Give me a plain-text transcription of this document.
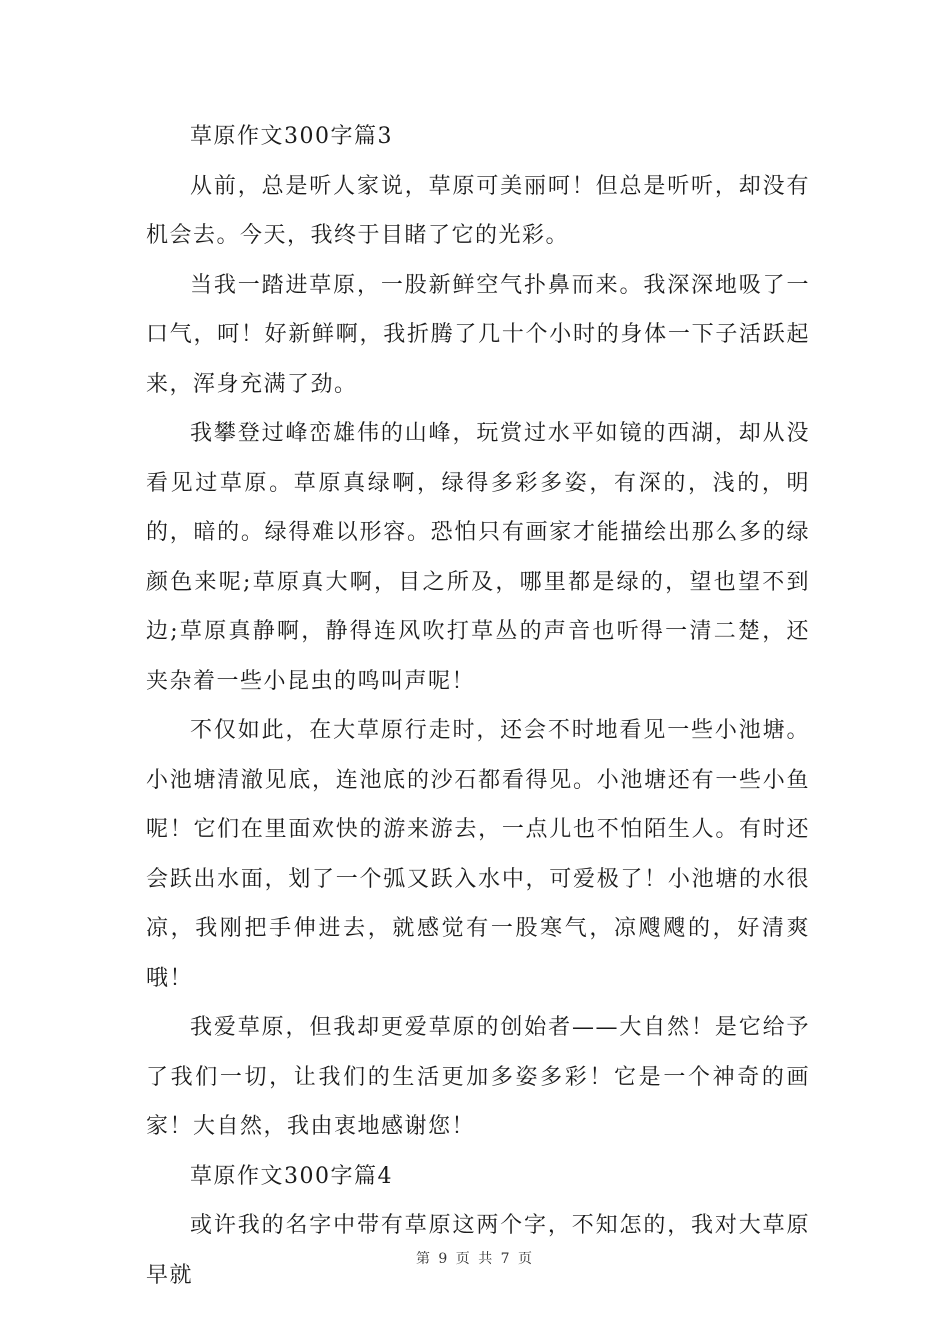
草原作文300字篇3

从前，总是听人家说，草原可美丽呵！但总是听听，却没有机会去。今天，我终于目睹了它的光彩。

当我一踏进草原，一股新鲜空气扑鼻而来。我深深地吸了一口气，呵！好新鲜啊，我折腾了几十个小时的身体一下子活跃起来，浑身充满了劲。

我攀登过峰峦雄伟的山峰，玩赏过水平如镜的西湖，却从没看见过草原。草原真绿啊，绿得多彩多姿，有深的，浅的，明的，暗的。绿得难以形容。恐怕只有画家才能描绘出那么多的绿颜色来呢;草原真大啊，目之所及，哪里都是绿的，望也望不到边;草原真静啊，静得连风吹打草丛的声音也听得一清二楚，还夹杂着一些小昆虫的鸣叫声呢！

不仅如此，在大草原行走时，还会不时地看见一些小池塘。小池塘清澈见底，连池底的沙石都看得见。小池塘还有一些小鱼呢！它们在里面欢快的游来游去，一点儿也不怕陌生人。有时还会跃出水面，划了一个弧又跃入水中，可爱极了！小池塘的水很凉，我刚把手伸进去，就感觉有一股寒气，凉飕飕的，好清爽哦！

我爱草原，但我却更爱草原的创始者——大自然！是它给予了我们一切，让我们的生活更加多姿多彩！它是一个神奇的画家！大自然，我由衷地感谢您！

草原作文300字篇4

或许我的名字中带有草原这两个字，不知怎的，我对大草原早就

第 9 页 共 7 页
